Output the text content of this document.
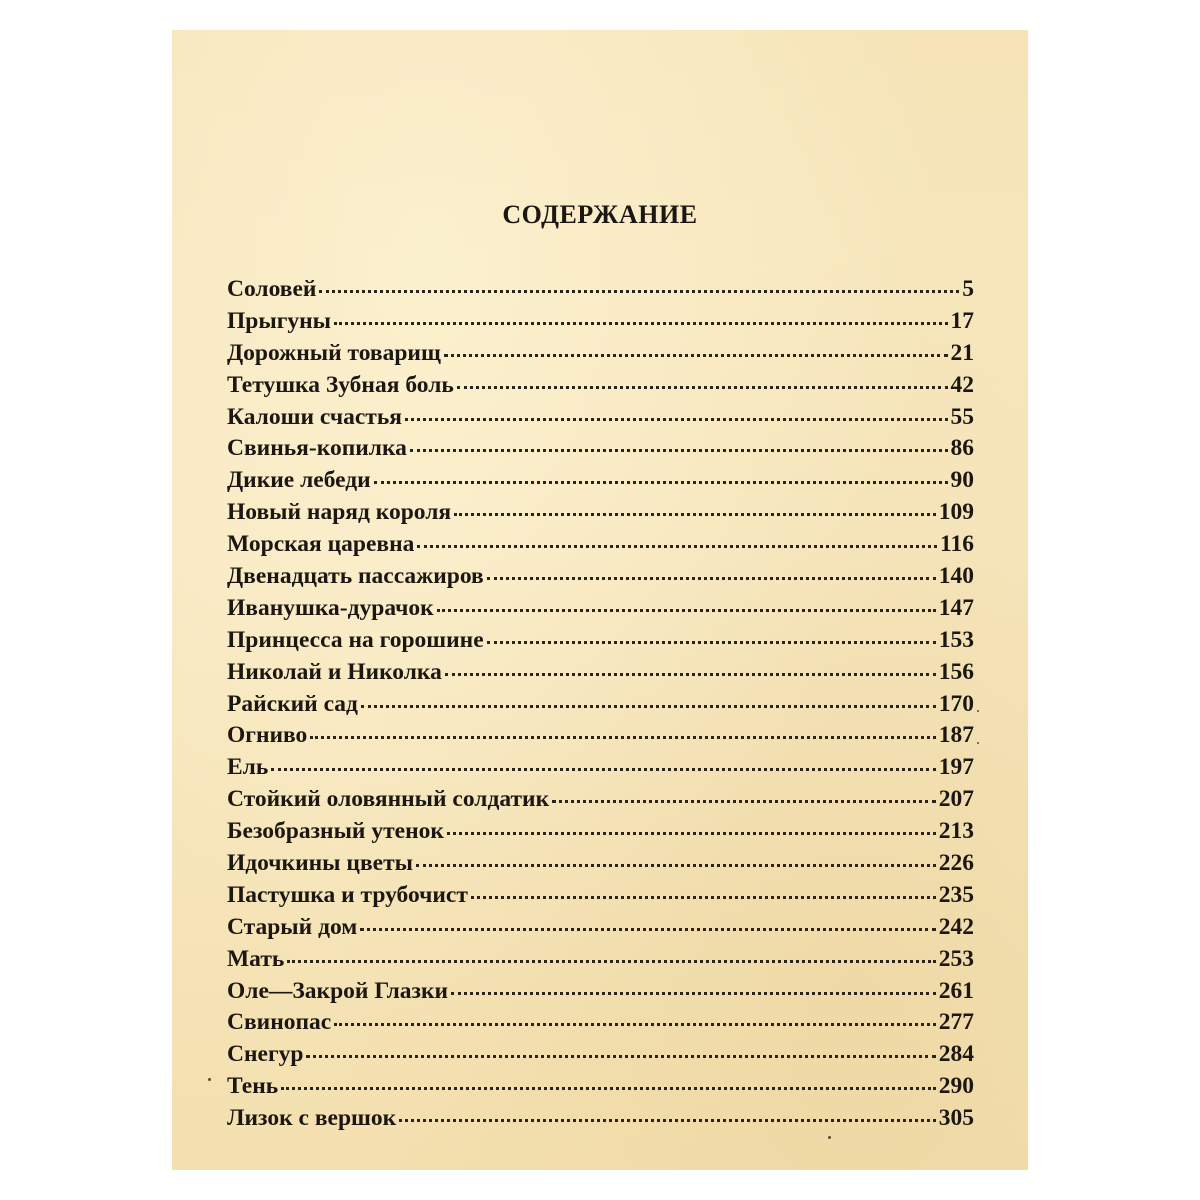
СОДЕРЖАНИЕ
Соловей	5
Прыгуны	17
Дорожный товарищ	21
Тетушка Зубная боль	42
Калоши счастья	55
Свинья-копилка	86
Дикие лебеди	90
Новый наряд короля	109
Морская царевна	116
Двенадцать пассажиров	140
Иванушка-дурачок	147
Принцесса на горошине	153
Николай и Николка	156
Райский сад	170
Огниво	187
Ель	197
Стойкий оловянный солдатик	207
Безобразный утенок	213
Идочкины цветы	226
Пастушка и трубочист	235
Старый дом	242
Мать	253
Оле—Закрой Глазки	261
Свинопас	277
Снегур	284
Тень	290
Лизок с вершок	305
